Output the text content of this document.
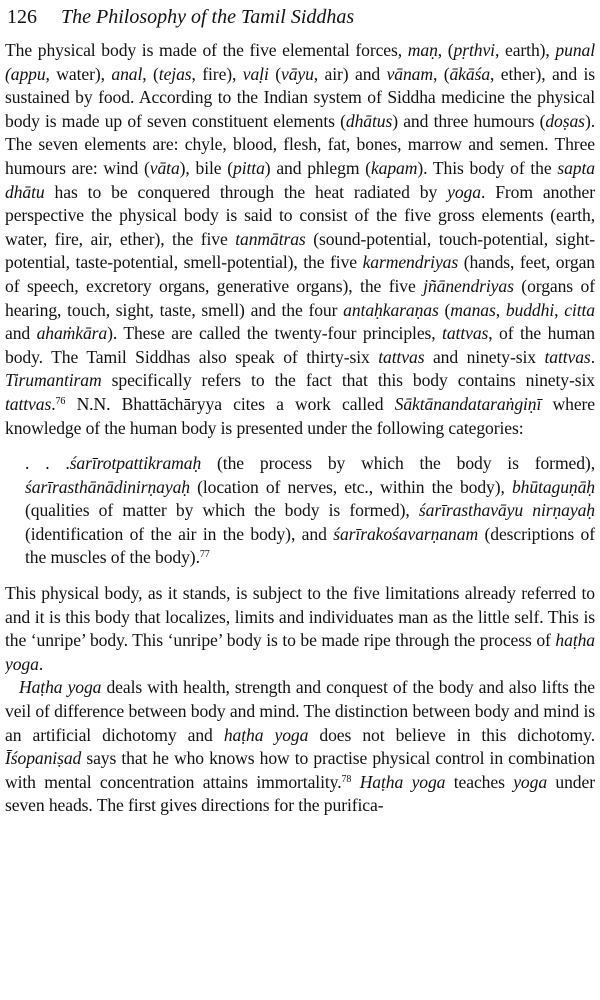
126 The Philosophy of the Tamil Siddhas

The physical body is made of the five elemental forces, maṇ, (pṛthvi, earth), punal (appu, water), anal, (tejas, fire), vaḷi (vāyu, air) and vānam, (ākāśa, ether), and is sustained by food. According to the Indian system of Siddha medicine the physical body is made up of seven constituent elements (dhātus) and three humours (doṣas). The seven elements are: chyle, blood, flesh, fat, bones, marrow and semen. Three humours are: wind (vāta), bile (pitta) and phlegm (kapam). This body of the sapta dhātu has to be conquered through the heat radiated by yoga. From another perspective the physical body is said to consist of the five gross elements (earth, water, fire, air, ether), the five tanmātras (sound-potential, touch-potential, sight-potential, taste-potential, smell-potential), the five karmendriyas (hands, feet, organ of speech, excretory organs, generative organs), the five jñānendriyas (organs of hearing, touch, sight, taste, smell) and the four antaḥkaraṇas (manas, buddhi, citta and ahaṁkāra). These are called the twenty-four principles, tattvas, of the human body. The Tamil Siddhas also speak of thirty-six tattvas and ninety-six tattvas. Tirumantiram specifically refers to the fact that this body contains ninety-six tattvas.$^{76}$ N.N. Bhattāchāryya cites a work called Sāktānandataraṅgiṇī where knowledge of the human body is presented under the following categories:

. . .śarīrotpattikramaḥ (the process by which the body is formed), śarīrasthānādinirṇayaḥ (location of nerves, etc., within the body), bhūtaguṇāḥ (qualities of matter by which the body is formed), śarīrasthavāyu nirṇayaḥ (identification of the air in the body), and śarīrakośavarṇanam (descriptions of the muscles of the body).$^{77}$

This physical body, as it stands, is subject to the five limitations already referred to and it is this body that localizes, limits and individuates man as the little self. This is the ‘unripe’ body. This ‘unripe’ body is to be made ripe through the process of haṭha yoga.

Haṭha yoga deals with health, strength and conquest of the body and also lifts the veil of difference between body and mind. The distinction between body and mind is an artificial dichotomy and haṭha yoga does not believe in this dichotomy. Īśopaniṣad says that he who knows how to practise physical control in combination with mental concentration attains immortality.$^{78}$ Haṭha yoga teaches yoga under seven heads. The first gives directions for the purifica-
